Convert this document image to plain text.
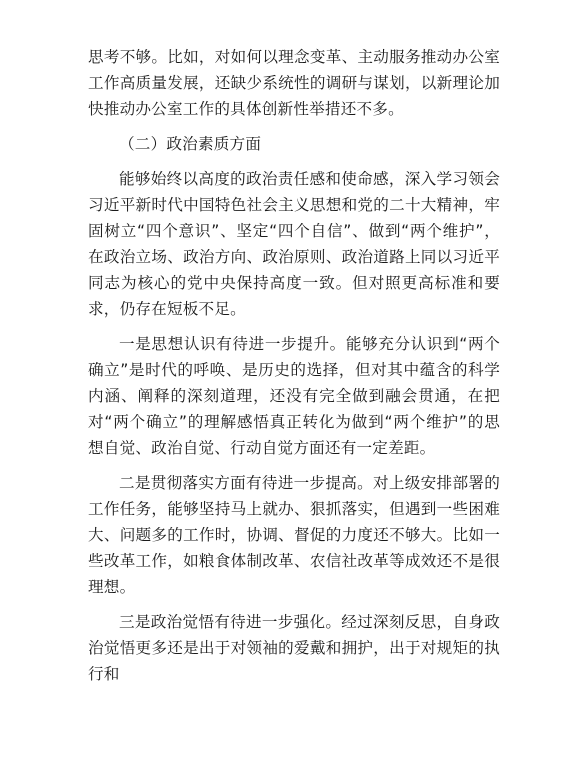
思考不够。比如，对如何以理念变革、主动服务推动办公室工作高质量发展，还缺少系统性的调研与谋划，以新理论加快推动办公室工作的具体创新性举措还不多。

（二）政治素质方面

能够始终以高度的政治责任感和使命感，深入学习领会习近平新时代中国特色社会主义思想和党的二十大精神，牢固树立“四个意识”、坚定“四个自信”、做到“两个维护”，在政治立场、政治方向、政治原则、政治道路上同以习近平同志为核心的党中央保持高度一致。但对照更高标准和要求，仍存在短板不足。

一是思想认识有待进一步提升。能够充分认识到“两个确立”是时代的呼唤、是历史的选择，但对其中蕴含的科学内涵、阐释的深刻道理，还没有完全做到融会贯通，在把对“两个确立”的理解感悟真正转化为做到“两个维护”的思想自觉、政治自觉、行动自觉方面还有一定差距。

二是贯彻落实方面有待进一步提高。对上级安排部署的工作任务，能够坚持马上就办、狠抓落实，但遇到一些困难大、问题多的工作时，协调、督促的力度还不够大。比如一些改革工作，如粮食体制改革、农信社改革等成效还不是很理想。

三是政治觉悟有待进一步强化。经过深刻反思，自身政治觉悟更多还是出于对领袖的爱戴和拥护，出于对规矩的执行和
